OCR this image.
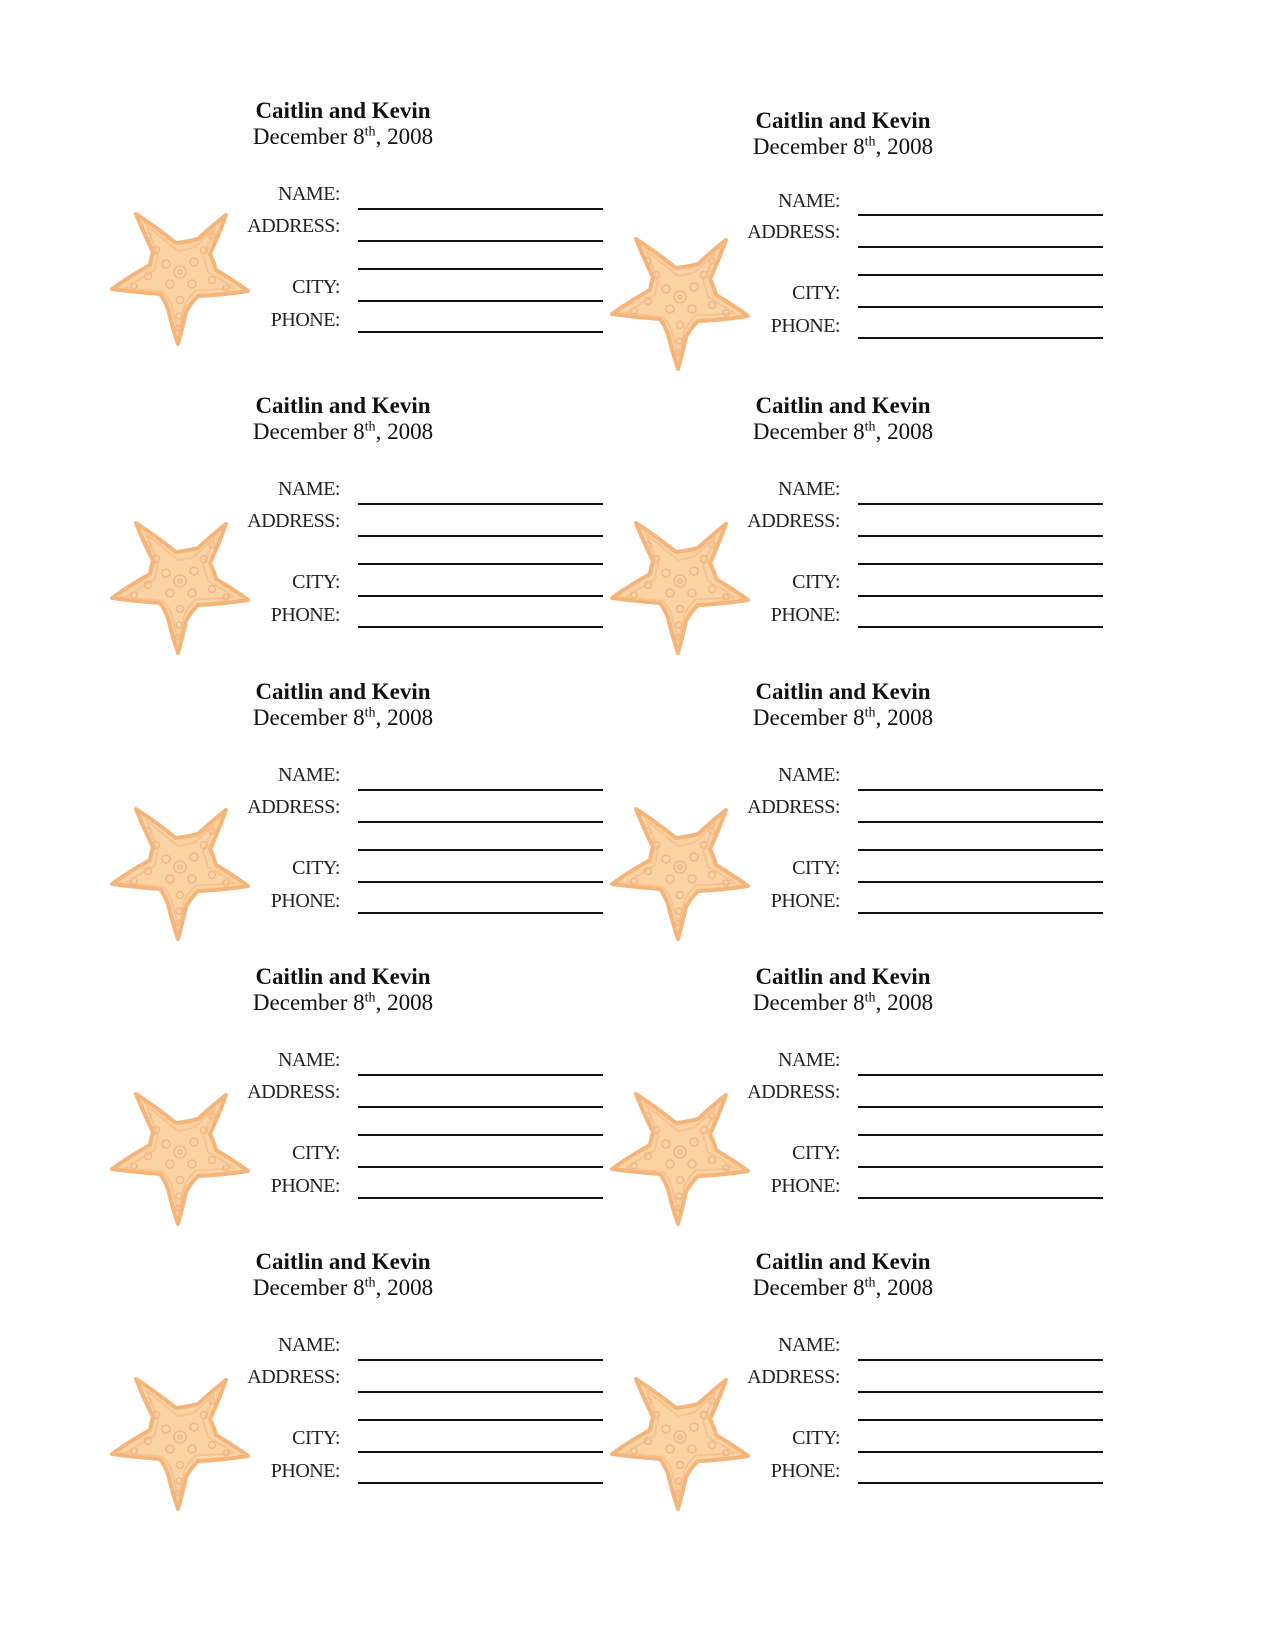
Caitlin and Kevin
December 8th, 2008
NAME:
ADDRESS:
CITY:
PHONE:
Caitlin and Kevin
December 8th, 2008
NAME:
ADDRESS:
CITY:
PHONE:
Caitlin and Kevin
December 8th, 2008
NAME:
ADDRESS:
CITY:
PHONE:
Caitlin and Kevin
December 8th, 2008
NAME:
ADDRESS:
CITY:
PHONE:
Caitlin and Kevin
December 8th, 2008
NAME:
ADDRESS:
CITY:
PHONE:
Caitlin and Kevin
December 8th, 2008
NAME:
ADDRESS:
CITY:
PHONE:
Caitlin and Kevin
December 8th, 2008
NAME:
ADDRESS:
CITY:
PHONE:
Caitlin and Kevin
December 8th, 2008
NAME:
ADDRESS:
CITY:
PHONE:
Caitlin and Kevin
December 8th, 2008
NAME:
ADDRESS:
CITY:
PHONE:
Caitlin and Kevin
December 8th, 2008
NAME:
ADDRESS:
CITY:
PHONE:
